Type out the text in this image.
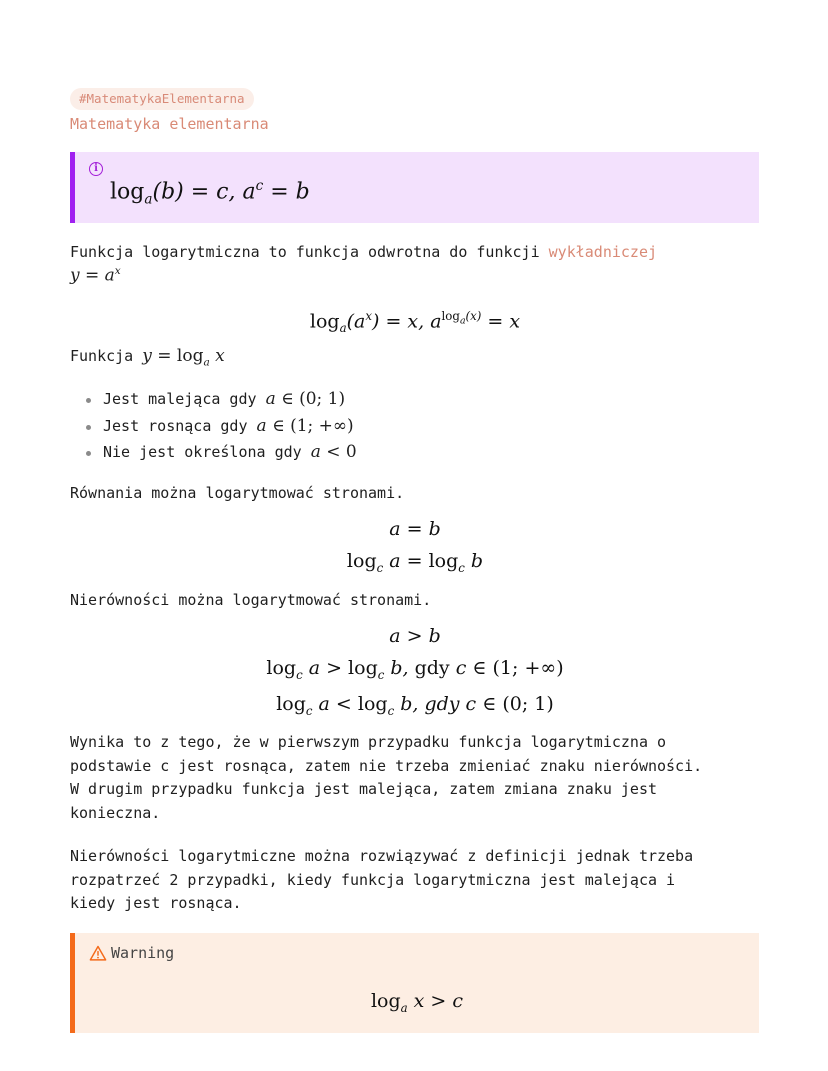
#MatematykaElementarna
Matematyka elementarna
i
$\log_a(b) = c$, $a^c = b$
Funkcja logarytmiczna to funkcja odwrotna do funkcji wykładniczej
$y = a^x$
$\log_a(a^x) = x$, $a^{log_a(x)} = x$
Funkcja $y = \log_a x$
Jest malejąca gdy a ∈ (0; 1)
Jest rosnąca gdy a ∈ (1; +∞)
Nie jest określona gdy a < 0
Równania można logarytmować stronami.
a = b
$\log_c a = \log_c b$
Nierówności można logarytmować stronami.
a > b
$\log_c a > \log_c b$, gdy c ∈ (1; +∞)
$\log_c a < \log_c b$, gdy c ∈ (0; 1)
Wynika to z tego, że w pierwszym przypadku funkcja logarytmiczna o
podstawie c jest rosnąca, zatem nie trzeba zmieniać znaku nierówności.
W drugim przypadku funkcja jest malejąca, zatem zmiana znaku jest
konieczna.
Nierówności logarytmiczne można rozwiązywać z definicji jednak trzeba
rozpatrzeć 2 przypadki, kiedy funkcja logarytmiczna jest malejąca i
kiedy jest rosnąca.
Warning
$\log_a x > c$
